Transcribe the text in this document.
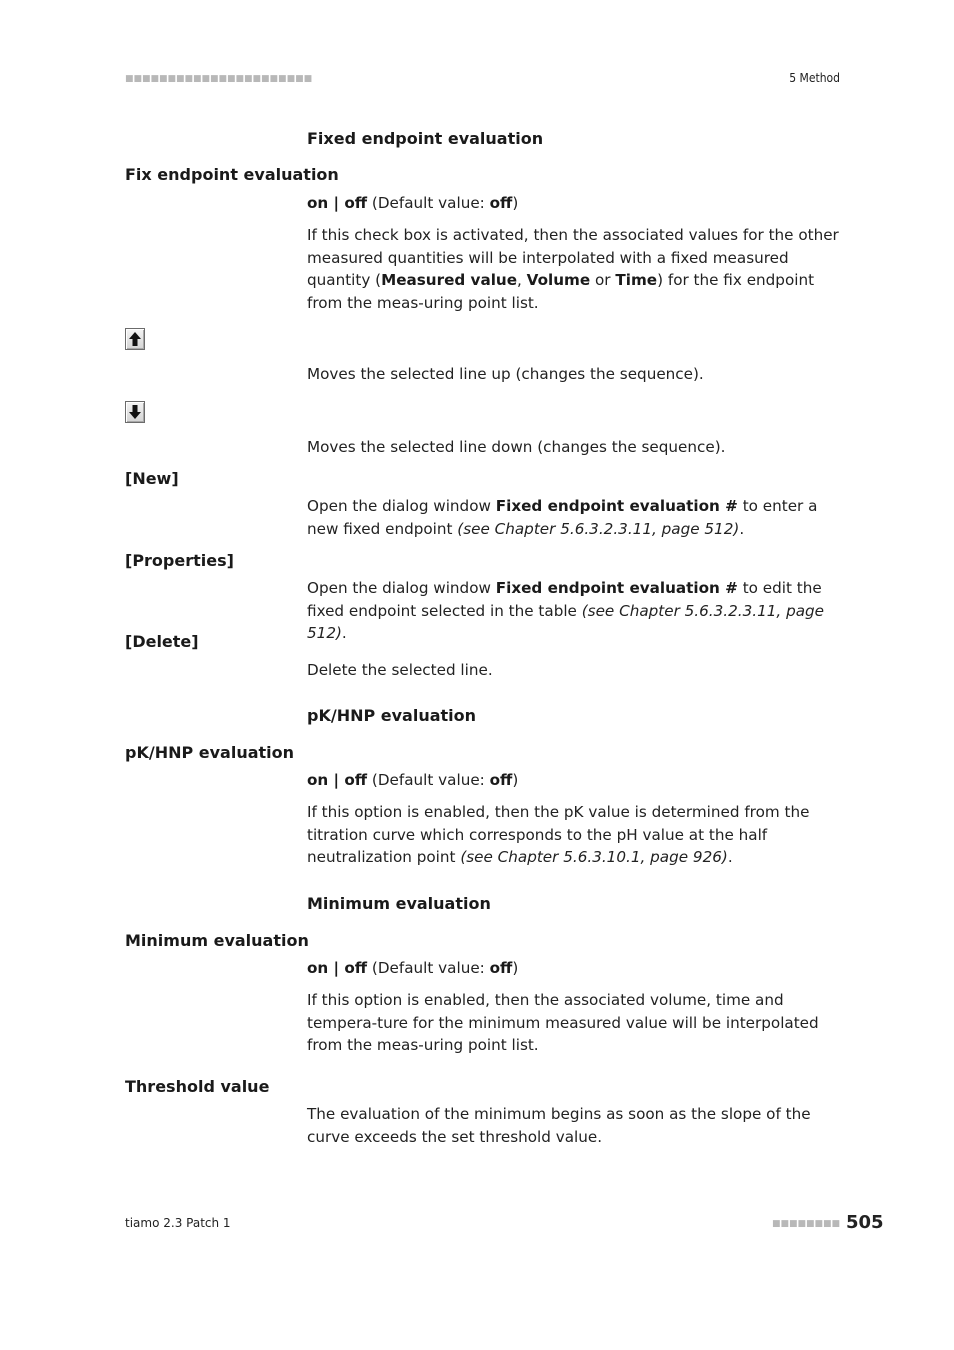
■■■■■■■■■■■■■■■■■■■■■■	5 Method
Fixed endpoint evaluation
Fix endpoint evaluation
on | off (Default value: off)
If this check box is activated, then the associated values for the other measured quantities will be interpolated with a fixed measured quantity (Measured value, Volume or Time) for the fix endpoint from the meas-uring point list.
Moves the selected line up (changes the sequence).
Moves the selected line down (changes the sequence).
[New]
Open the dialog window Fixed endpoint evaluation # to enter a new fixed endpoint (see Chapter 5.6.3.2.3.11, page 512).
[Properties]
Open the dialog window Fixed endpoint evaluation # to edit the fixed endpoint selected in the table (see Chapter 5.6.3.2.3.11, page 512).
[Delete]
Delete the selected line.
pK/HNP evaluation
pK/HNP evaluation
on | off (Default value: off)
If this option is enabled, then the pK value is determined from the titration curve which corresponds to the pH value at the half neutralization point (see Chapter 5.6.3.10.1, page 926).
Minimum evaluation
Minimum evaluation
on | off (Default value: off)
If this option is enabled, then the associated volume, time and tempera-ture for the minimum measured value will be interpolated from the meas-uring point list.
Threshold value
The evaluation of the minimum begins as soon as the slope of the curve exceeds the set threshold value.
tiamo 2.3 Patch 1	■■■■■■■■ 505
